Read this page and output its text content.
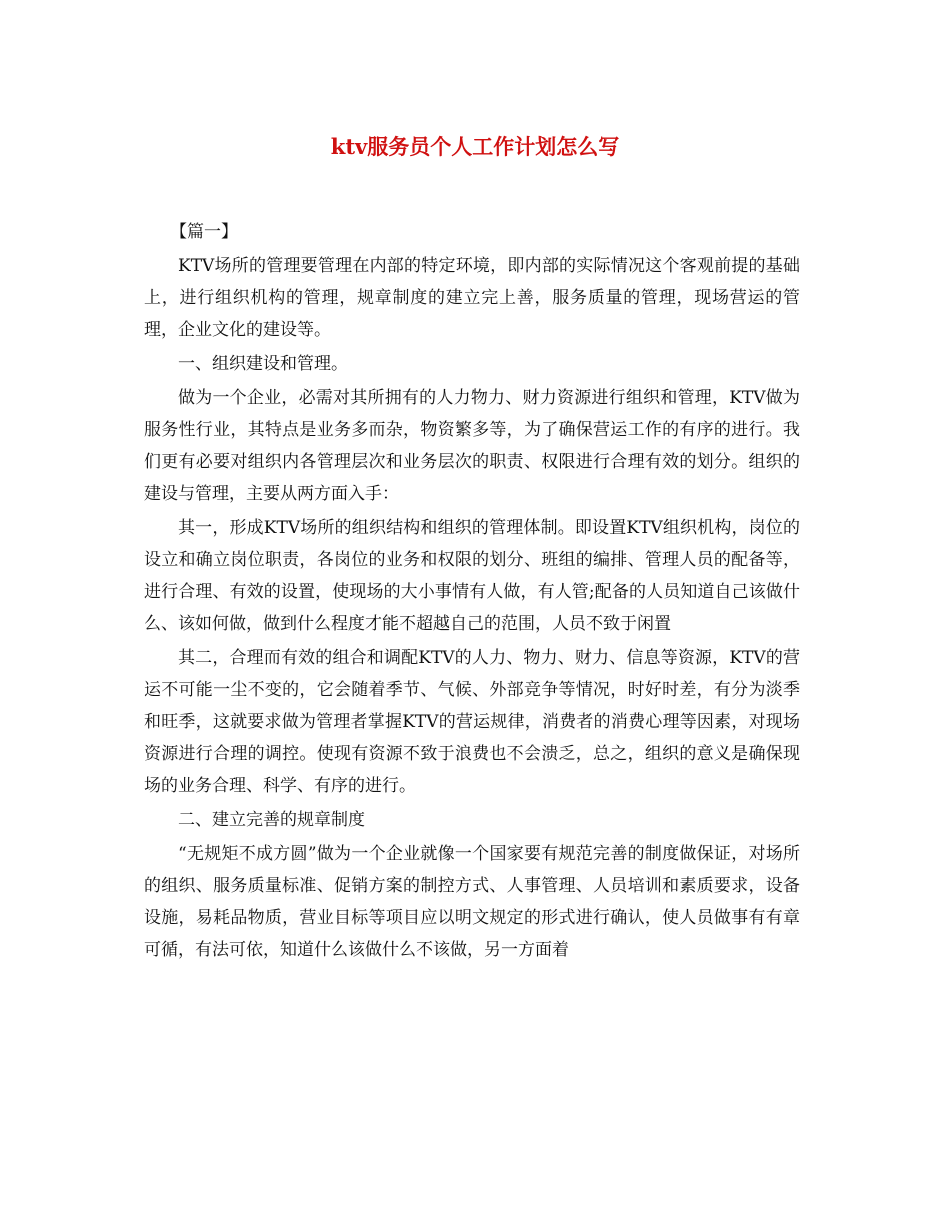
ktv服务员个人工作计划怎么写

【篇一】

KTV场所的管理要管理在内部的特定环境，即内部的实际情况这个客观前提的基础上，进行组织机构的管理，规章制度的建立完上善，服务质量的管理，现场营运的管理，企业文化的建设等。

一、组织建设和管理。

做为一个企业，必需对其所拥有的人力物力、财力资源进行组织和管理，KTV做为服务性行业，其特点是业务多而杂，物资繁多等，为了确保营运工作的有序的进行。我们更有必要对组织内各管理层次和业务层次的职责、权限进行合理有效的划分。组织的建设与管理，主要从两方面入手：

其一，形成KTV场所的组织结构和组织的管理体制。即设置KTV组织机构，岗位的设立和确立岗位职责，各岗位的业务和权限的划分、班组的编排、管理人员的配备等，进行合理、有效的设置，使现场的大小事情有人做，有人管;配备的人员知道自己该做什么、该如何做，做到什么程度才能不超越自己的范围，人员不致于闲置

其二，合理而有效的组合和调配KTV的人力、物力、财力、信息等资源，KTV的营运不可能一尘不变的，它会随着季节、气候、外部竞争等情况，时好时差，有分为淡季和旺季，这就要求做为管理者掌握KTV的营运规律，消费者的消费心理等因素，对现场资源进行合理的调控。使现有资源不致于浪费也不会溃乏，总之，组织的意义是确保现场的业务合理、科学、有序的进行。

二、建立完善的规章制度

“无规矩不成方圆”做为一个企业就像一个国家要有规范完善的制度做保证，对场所的组织、服务质量标准、促销方案的制控方式、人事管理、人员培训和素质要求，设备设施，易耗品物质，营业目标等项目应以明文规定的形式进行确认，使人员做事有有章可循，有法可依，知道什么该做什么不该做，另一方面着
